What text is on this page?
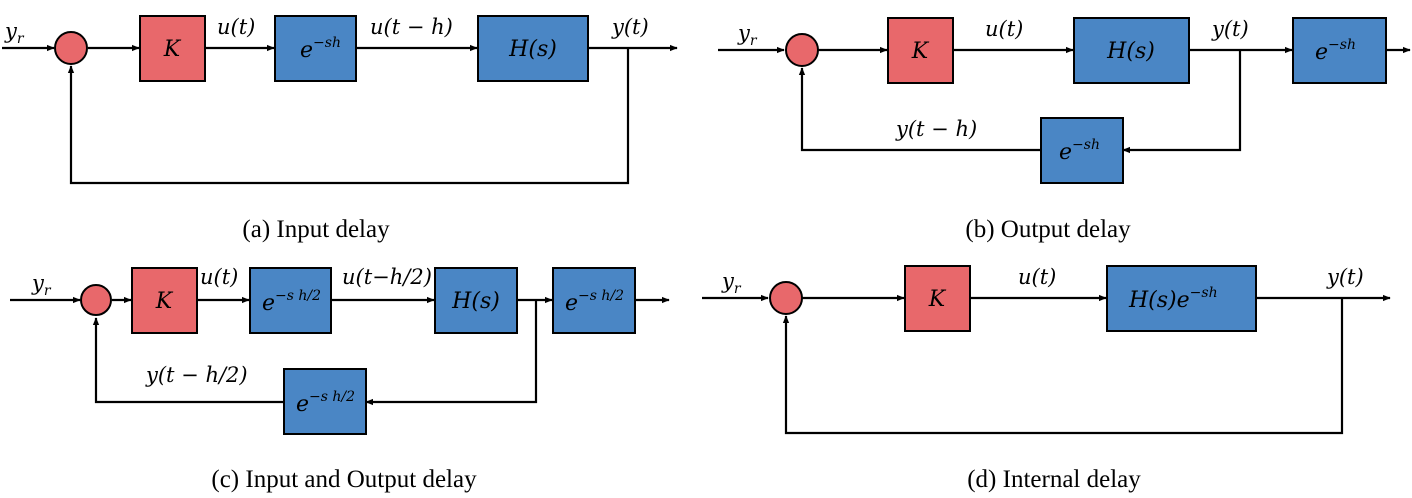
K	$e^{-sh}$	H(s)
$y_r$	u(t)	u(t − h)	y(t)
(a) Input delay
K	H(s)	$e^{-sh}$
$e^{-sh}$
$y_r$	u(t)	y(t)
y(t − h)
(b) Output delay
K	$e^{-s h/2}$	H(s)	$e^{-s h/2}$
$e^{-s h/2}$
$y_r$
u(t)	u(t−h/2)
y(t − h/2)
(c) Input and Output delay
K	$H(s)e^{-sh}$
$y_r$	u(t)	y(t)
(d) Internal delay
